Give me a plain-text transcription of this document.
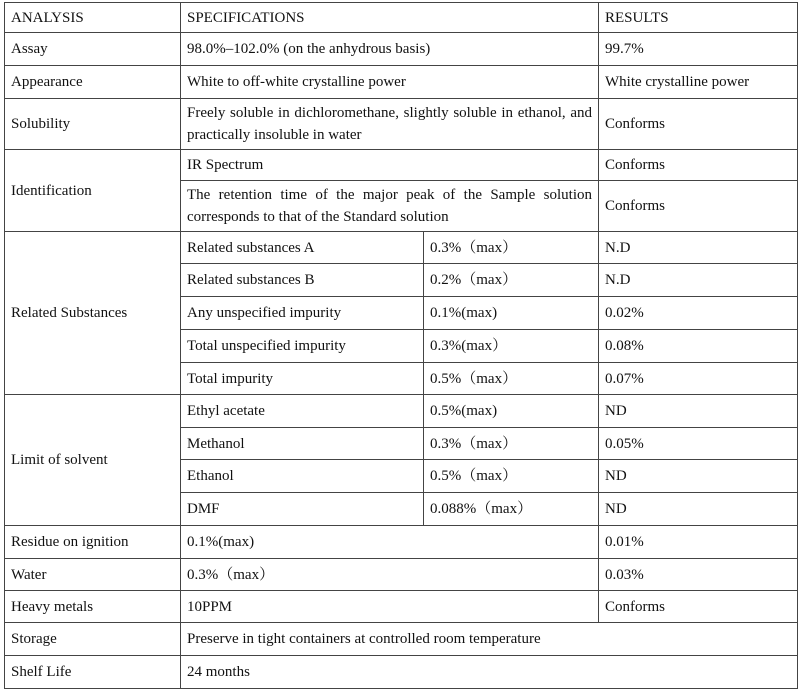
ANALYSIS	SPECIFICATIONS		RESULTS
Assay	98.0%–102.0% (on the anhydrous basis)		99.7%
Appearance	White to off-white crystalline power		White crystalline power
Solubility	Freely soluble in dichloromethane, slightly soluble in ethanol, and practically insoluble in water		Conforms
Identification	IR Spectrum		Conforms
	The retention time of the major peak of the Sample solution corresponds to that of the Standard solution		Conforms
Related Substances	Related substances A	0.3%（max）	N.D
	Related substances B	0.2%（max）	N.D
	Any unspecified impurity	0.1%(max)	0.02%
	Total unspecified impurity	0.3%(max）	0.08%
	Total impurity	0.5%（max）	0.07%
Limit of solvent	Ethyl acetate	0.5%(max)	ND
	Methanol	0.3%（max）	0.05%
	Ethanol	0.5%（max）	ND
	DMF	0.088%（max）	ND
Residue on ignition	0.1%(max)		0.01%
Water	0.3%（max）		0.03%
Heavy metals	10PPM		Conforms
Storage	Preserve in tight containers at controlled room temperature		
Shelf Life	24 months		
